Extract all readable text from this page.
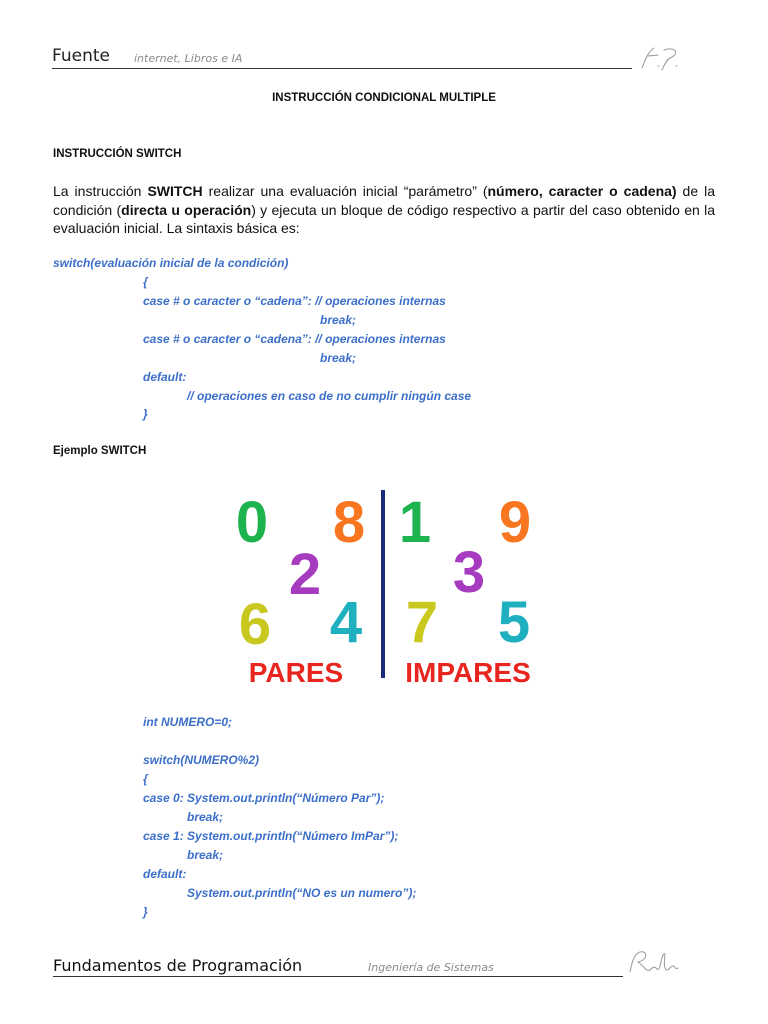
Fuente internet, Libros e IA
INSTRUCCIÓN CONDICIONAL MULTIPLE
INSTRUCCIÓN SWITCH

La instrucción SWITCH realizar una evaluación inicial “parámetro” (número, caracter o cadena) de la condición (directa u operación) y ejecuta un bloque de código respectivo a partir del caso obtenido en la evaluación inicial. La sintaxis básica es:

switch(evaluación inicial de la condición)
{
case # o caracter o “cadena”: // operaciones internas
break;
case # o caracter o “cadena”: // operaciones internas
break;
default:
// operaciones en caso de no cumplir ningún case
}
Ejemplo SWITCH
0 8
2
6 4
1 9
3
7 5
PARES IMPARES
int NUMERO=0;
switch(NUMERO%2)
{
case 0: System.out.println(“Número Par”);
break;
case 1: System.out.println(“Número ImPar”);
break;
default:
System.out.println(“NO es un numero”);
}
Fundamentos de Programación	Ingeniería de Sistemas
